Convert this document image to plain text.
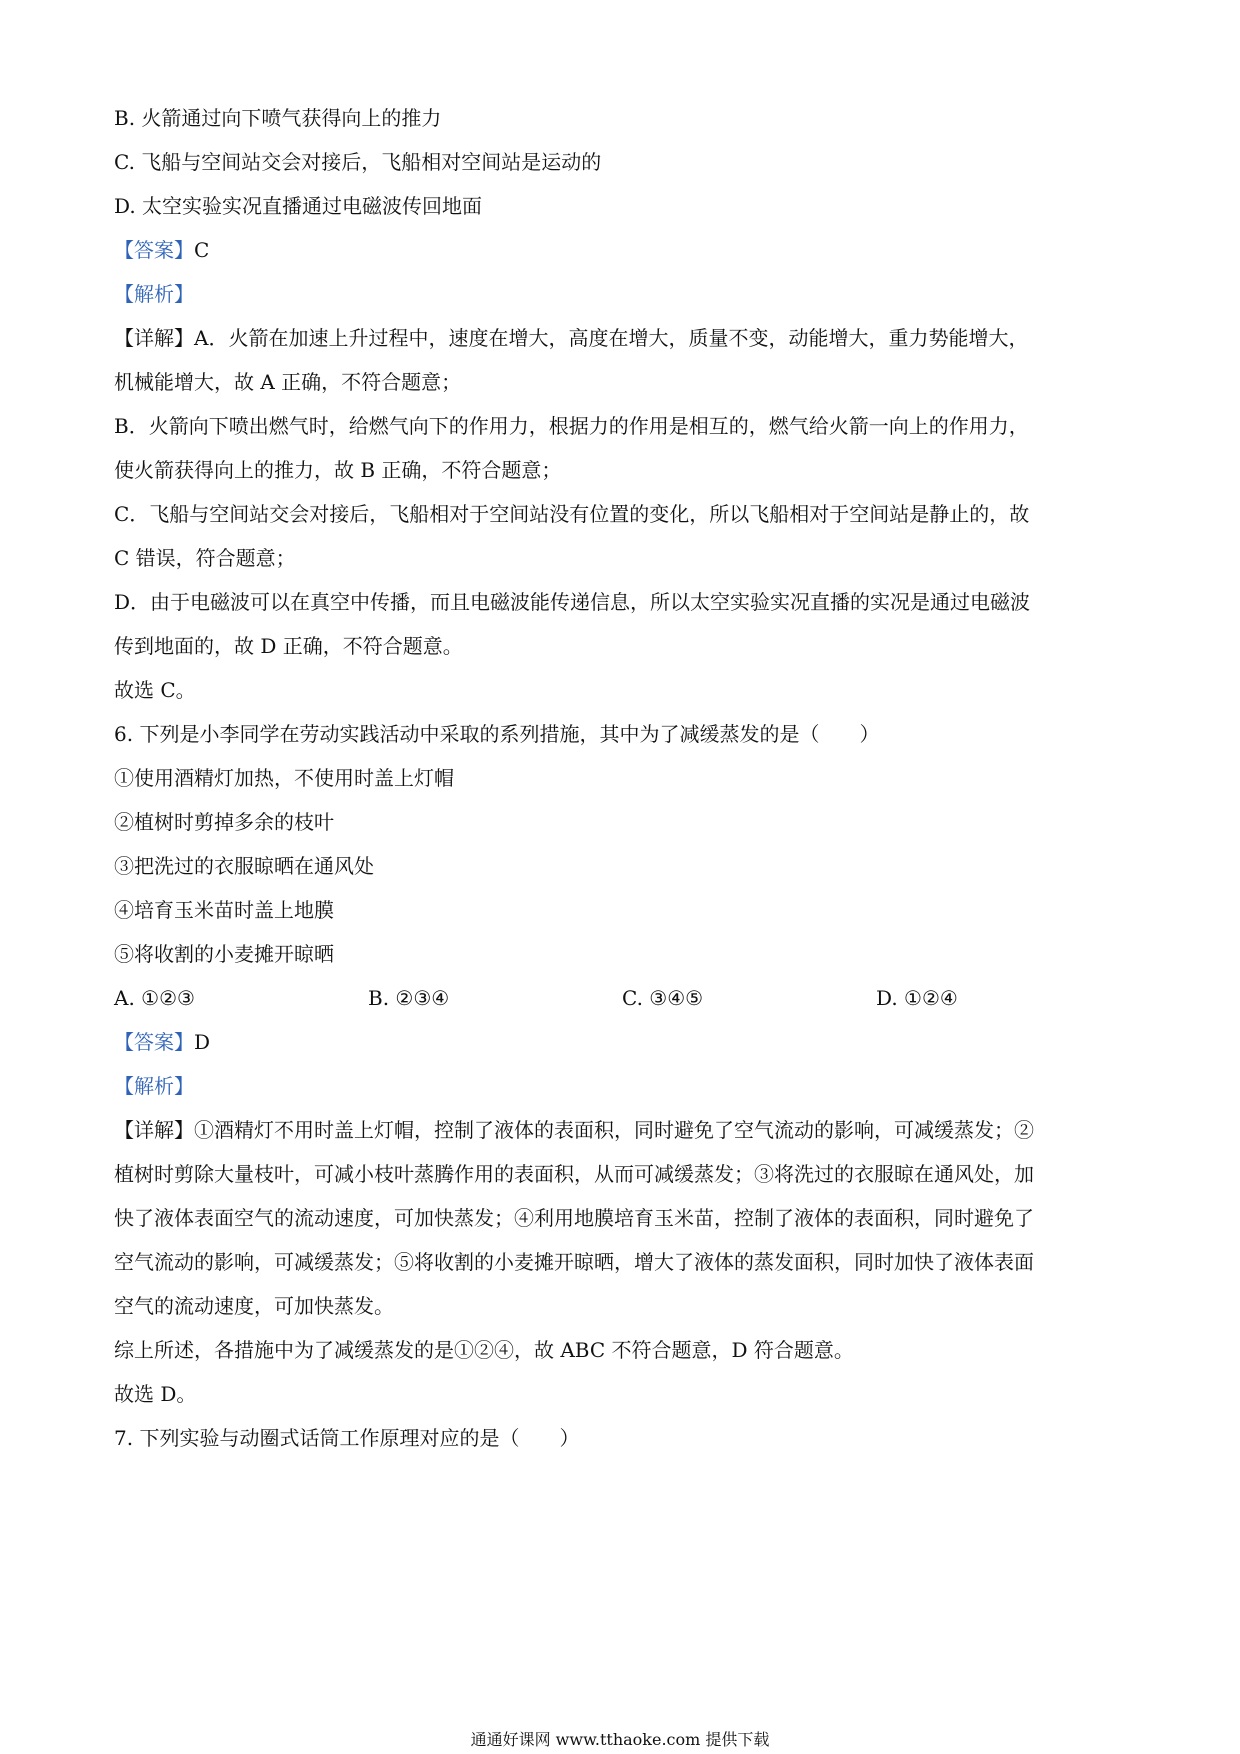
B. 火箭通过向下喷气获得向上的推力
C. 飞船与空间站交会对接后，飞船相对空间站是运动的
D. 太空实验实况直播通过电磁波传回地面
【答案】C
【解析】
【详解】A．火箭在加速上升过程中，速度在增大，高度在增大，质量不变，动能增大，重力势能增大，
机械能增大，故 A 正确，不符合题意；
B．火箭向下喷出燃气时，给燃气向下的作用力，根据力的作用是相互的，燃气给火箭一向上的作用力，
使火箭获得向上的推力，故 B 正确，不符合题意；
C．飞船与空间站交会对接后，飞船相对于空间站没有位置的变化，所以飞船相对于空间站是静止的，故
C 错误，符合题意；
D．由于电磁波可以在真空中传播，而且电磁波能传递信息，所以太空实验实况直播的实况是通过电磁波
传到地面的，故 D 正确，不符合题意。
故选 C。
6. 下列是小李同学在劳动实践活动中采取的系列措施，其中为了减缓蒸发的是（　　）
①使用酒精灯加热，不使用时盖上灯帽
②植树时剪掉多余的枝叶
③把洗过的衣服晾晒在通风处
④培育玉米苗时盖上地膜
⑤将收割的小麦摊开晾晒
A. ①②③	B. ②③④	C. ③④⑤	D. ①②④
【答案】D
【解析】
【详解】①酒精灯不用时盖上灯帽，控制了液体的表面积，同时避免了空气流动的影响，可减缓蒸发；②
植树时剪除大量枝叶，可减小枝叶蒸腾作用的表面积，从而可减缓蒸发；③将洗过的衣服晾在通风处，加
快了液体表面空气的流动速度，可加快蒸发；④利用地膜培育玉米苗，控制了液体的表面积，同时避免了
空气流动的影响，可减缓蒸发；⑤将收割的小麦摊开晾晒，增大了液体的蒸发面积，同时加快了液体表面
空气的流动速度，可加快蒸发。
综上所述，各措施中为了减缓蒸发的是①②④，故 ABC 不符合题意，D 符合题意。
故选 D。
7. 下列实验与动圈式话筒工作原理对应的是（　　）
通通好课网 www.tthaoke.com 提供下载
